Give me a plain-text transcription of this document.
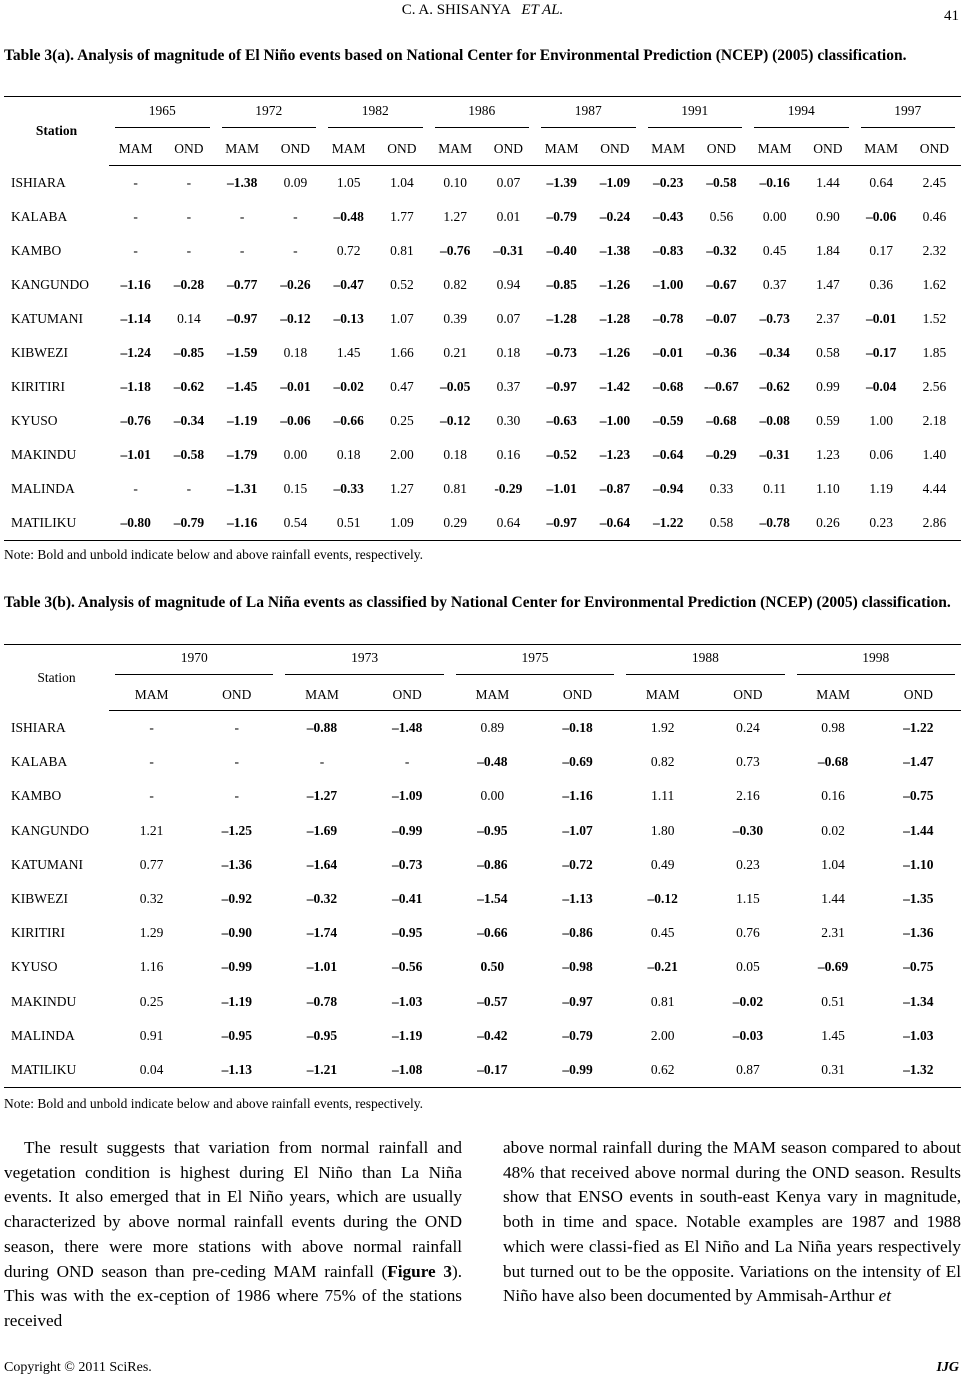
C. A. SHISANYA ET AL.	41
Table 3(a). Analysis of magnitude of El Niño events based on National Center for Environmental Prediction (NCEP) (2005) classification.
Station	1965		1972		1982		1986		1987		1991		1994		1997	

	MAM	OND	MAM	OND	MAM	OND	MAM	OND	MAM	OND	MAM	OND	MAM	OND	MAM	OND
ISHIARA	-	-	–1.38	0.09	1.05	1.04	0.10	0.07	–1.39	–1.09	–0.23	–0.58	–0.16	1.44	0.64	2.45
KALABA	-	-	-	-	–0.48	1.77	1.27	0.01	–0.79	–0.24	–0.43	0.56	0.00	0.90	–0.06	0.46
KAMBO	-	-	-	-	0.72	0.81	–0.76	–0.31	–0.40	–1.38	–0.83	–0.32	0.45	1.84	0.17	2.32
KANGUNDO	–1.16	–0.28	–0.77	–0.26	–0.47	0.52	0.82	0.94	–0.85	–1.26	–1.00	–0.67	0.37	1.47	0.36	1.62
KATUMANI	–1.14	0.14	–0.97	–0.12	–0.13	1.07	0.39	0.07	–1.28	–1.28	–0.78	–0.07	–0.73	2.37	–0.01	1.52
KIBWEZI	–1.24	–0.85	–1.59	0.18	1.45	1.66	0.21	0.18	–0.73	–1.26	–0.01	–0.36	–0.34	0.58	–0.17	1.85
KIRITIRI	–1.18	–0.62	–1.45	–0.01	–0.02	0.47	–0.05	0.37	–0.97	–1.42	–0.68	-–0.67	–0.62	0.99	–0.04	2.56
KYUSO	–0.76	–0.34	–1.19	–0.06	–0.66	0.25	–0.12	0.30	–0.63	–1.00	–0.59	–0.68	–0.08	0.59	1.00	2.18
MAKINDU	–1.01	–0.58	–1.79	0.00	0.18	2.00	0.18	0.16	–0.52	–1.23	–0.64	–0.29	–0.31	1.23	0.06	1.40
MALINDA	-	-	–1.31	0.15	–0.33	1.27	0.81	-0.29	–1.01	–0.87	–0.94	0.33	0.11	1.10	1.19	4.44
MATILIKU	–0.80	–0.79	–1.16	0.54	0.51	1.09	0.29	0.64	–0.97	–0.64	–1.22	0.58	–0.78	0.26	0.23	2.86
Note: Bold and unbold indicate below and above rainfall events, respectively.
Table 3(b). Analysis of magnitude of La Niña events as classified by National Center for Environmental Prediction (NCEP) (2005) classification.
Station	1970		1973		1975		1988		1998	

	MAM	OND	MAM	OND	MAM	OND	MAM	OND	MAM	OND
ISHIARA	-	-	–0.88	–1.48	0.89	–0.18	1.92	0.24	0.98	–1.22
KALABA	-	-	-	-	–0.48	–0.69	0.82	0.73	–0.68	–1.47
KAMBO	-	-	–1.27	–1.09	0.00	–1.16	1.11	2.16	0.16	–0.75
KANGUNDO	1.21	–1.25	–1.69	–0.99	–0.95	–1.07	1.80	–0.30	0.02	–1.44
KATUMANI	0.77	–1.36	–1.64	–0.73	–0.86	–0.72	0.49	0.23	1.04	–1.10
KIBWEZI	0.32	–0.92	–0.32	–0.41	–1.54	–1.13	–0.12	1.15	1.44	–1.35
KIRITIRI	1.29	–0.90	–1.74	–0.95	–0.66	–0.86	0.45	0.76	2.31	–1.36
KYUSO	1.16	–0.99	–1.01	–0.56	0.50	–0.98	–0.21	0.05	–0.69	–0.75
MAKINDU	0.25	–1.19	–0.78	–1.03	–0.57	–0.97	0.81	–0.02	0.51	–1.34
MALINDA	0.91	–0.95	–0.95	–1.19	–0.42	–0.79	2.00	–0.03	1.45	–1.03
MATILIKU	0.04	–1.13	–1.21	–1.08	–0.17	–0.99	0.62	0.87	0.31	–1.32
Note: Bold and unbold indicate below and above rainfall events, respectively.
The result suggests that variation from normal rainfall and vegetation condition is highest during El Niño than La Niña events. It also emerged that in El Niño years, which are usually characterized by above normal rainfall events during the OND season, there were more stations with above normal rainfall during OND season than pre-ceding MAM rainfall (Figure 3). This was with the ex-ception of 1986 where 75% of the stations received
above normal rainfall during the MAM season compared to about 48% that received above normal during the OND season. Results show that ENSO events in south-east Kenya vary in magnitude, both in time and space. Notable examples are 1987 and 1988 which were classi-fied as El Niño and La Niña years respectively but turned out to be the opposite. Variations on the intensity of El Niño have also been documented by Ammisah-Arthur et
Copyright © 2011 SciRes.	IJG
